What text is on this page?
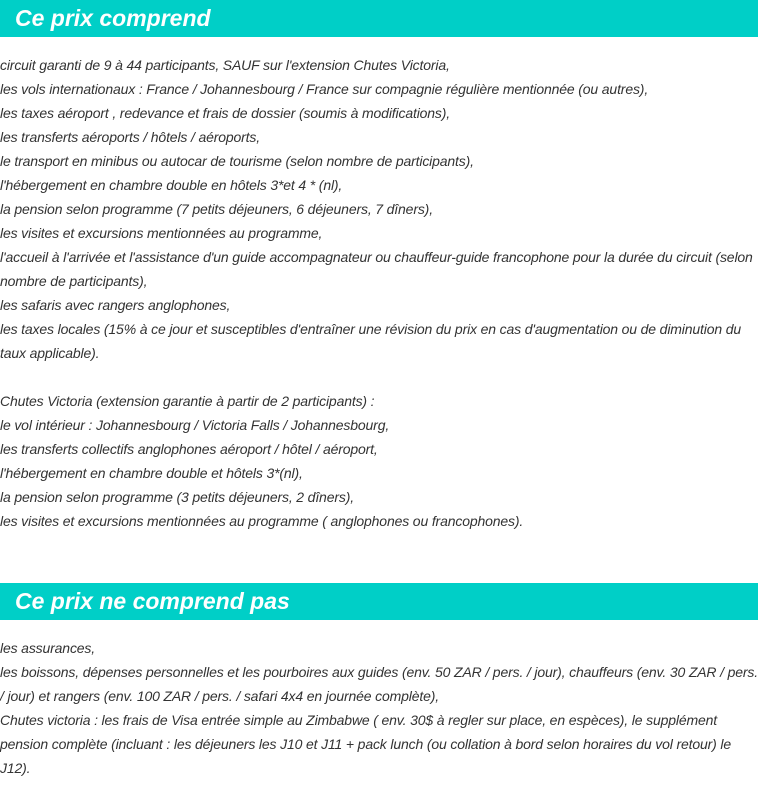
Ce prix comprend
circuit garanti de 9 à 44 participants, SAUF sur l'extension Chutes Victoria,
les vols internationaux : France / Johannesbourg / France sur compagnie régulière mentionnée (ou autres),
les taxes aéroport , redevance et frais de dossier (soumis à modifications),
les transferts aéroports / hôtels / aéroports,
le transport en minibus ou autocar de tourisme (selon nombre de participants),
l'hébergement en chambre double en hôtels 3*et 4 * (nl),
la pension selon programme (7 petits déjeuners, 6 déjeuners, 7 dîners),
les visites et excursions mentionnées au programme,
l'accueil à l'arrivée et l'assistance d'un guide accompagnateur ou chauffeur-guide francophone pour la durée du circuit (selon nombre de participants),
les safaris avec rangers anglophones,
les taxes locales (15% à ce jour et susceptibles d'entraîner une révision du prix en cas d'augmentation ou de diminution du taux applicable).
Chutes Victoria (extension garantie à partir de 2 participants) :
le vol intérieur : Johannesbourg / Victoria Falls / Johannesbourg,
les transferts collectifs anglophones aéroport / hôtel / aéroport,
l'hébergement en chambre double et hôtels 3*(nl),
la pension selon programme (3 petits déjeuners, 2 dîners),
les visites et excursions mentionnées au programme ( anglophones ou francophones).
Ce prix ne comprend pas
les assurances,
les boissons, dépenses personnelles et les pourboires aux guides (env. 50 ZAR / pers. / jour), chauffeurs (env. 30 ZAR / pers. / jour) et rangers (env. 100 ZAR / pers. / safari 4x4 en journée complète),
Chutes victoria : les frais de Visa entrée simple au Zimbabwe ( env. 30$ à regler sur place, en espèces), le supplément pension complète (incluant : les déjeuners les J10 et J11 + pack lunch (ou collation à bord selon horaires du vol retour) le J12).
